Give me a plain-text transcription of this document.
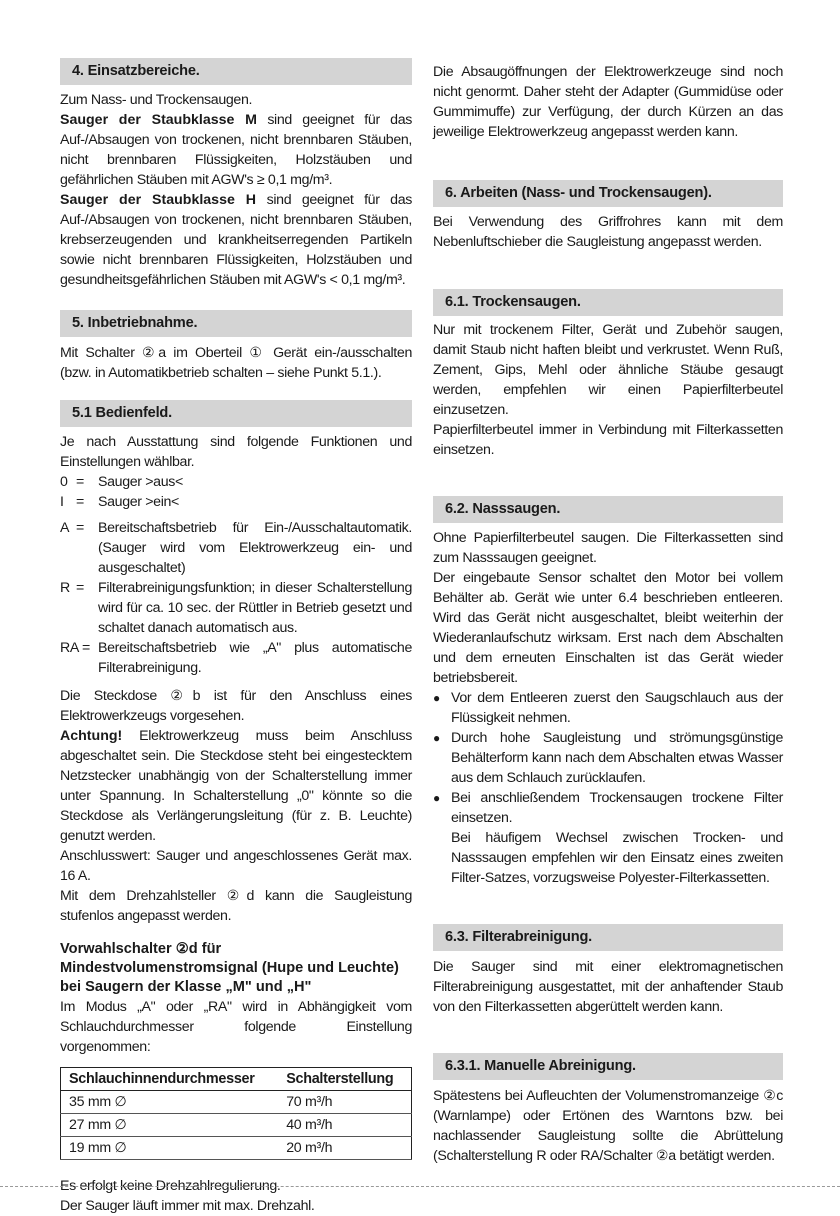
4. Einsatzbereiche.

Zum Nass- und Trockensaugen.

Sauger der Staubklasse M sind geeignet für das Auf-/Absaugen von trockenen, nicht brennbaren Stäuben, nicht brennbaren Flüssigkeiten, Holzstäuben und gefährlichen Stäuben mit AGW's ≥ 0,1 mg/m³.

Sauger der Staubklasse H sind geeignet für das Auf-/Absaugen von trockenen, nicht brennbaren Stäuben, krebserzeugenden und krankheitserregenden Partikeln sowie nicht brennbaren Flüssigkeiten, Holzstäuben und gesundheitsgefährlichen Stäuben mit AGW's < 0,1 mg/m³.

5. Inbetriebnahme.

Mit Schalter ②a im Oberteil ① Gerät ein-/ausschalten (bzw. in Automatikbetrieb schalten – siehe Punkt 5.1.).

5.1 Bedienfeld.

Je nach Ausstattung sind folgende Funktionen und Einstellungen wählbar.

0 = Sauger >aus<
I = Sauger >ein<
A = Bereitschaftsbetrieb für Ein-/Ausschaltautomatik. (Sauger wird vom Elektrowerkzeug ein- und ausgeschaltet)
R = Filterabreinigungsfunktion; in dieser Schalterstellung wird für ca. 10 sec. der Rüttler in Betrieb gesetzt und schaltet danach automatisch aus.
RA = Bereitschaftsbetrieb wie „A" plus automatische Filterabreinigung.

Die Steckdose ②b ist für den Anschluss eines Elektrowerkzeugs vorgesehen.

Achtung! Elektrowerkzeug muss beim Anschluss abgeschaltet sein. Die Steckdose steht bei eingestecktem Netzstecker unabhängig von der Schalterstellung immer unter Spannung. In Schalterstellung „0" könnte so die Steckdose als Verlängerungsleitung (für z. B. Leuchte) genutzt werden.

Anschlusswert: Sauger und angeschlossenes Gerät max. 16 A.

Mit dem Drehzahlsteller ②d kann die Saugleistung stufenlos angepasst werden.

Vorwahlschalter ②d für Mindestvolumenstromsignal (Hupe und Leuchte) bei Saugern der Klasse „M" und „H"

Im Modus „A" oder „RA" wird in Abhängigkeit vom Schlauchdurchmesser folgende Einstellung vorgenommen:

Schlauchinnendurchmesser	Schalterstellung
35 mm ∅	70 m³/h
27 mm ∅	40 m³/h
19 mm ∅	20 m³/h

Es erfolgt keine Drehzahlregulierung.

Der Sauger läuft immer mit max. Drehzahl.

Die Absaugöffnungen der Elektrowerkzeuge sind noch nicht genormt. Daher steht der Adapter (Gummidüse oder Gummimuffe) zur Verfügung, der durch Kürzen an das jeweilige Elektrowerkzeug angepasst werden kann.

6. Arbeiten (Nass- und Trockensaugen).

Bei Verwendung des Griffrohres kann mit dem Nebenluftschieber die Saugleistung angepasst werden.

6.1. Trockensaugen.

Nur mit trockenem Filter, Gerät und Zubehör saugen, damit Staub nicht haften bleibt und verkrustet. Wenn Ruß, Zement, Gips, Mehl oder ähnliche Stäube gesaugt werden, empfehlen wir einen Papierfilterbeutel einzusetzen.

Papierfilterbeutel immer in Verbindung mit Filterkassetten einsetzen.

6.2. Nasssaugen.

Ohne Papierfilterbeutel saugen. Die Filterkassetten sind zum Nasssaugen geeignet.

Der eingebaute Sensor schaltet den Motor bei vollem Behälter ab. Gerät wie unter 6.4 beschrieben entleeren. Wird das Gerät nicht ausgeschaltet, bleibt weiterhin der Wiederanlaufschutz wirksam. Erst nach dem Abschalten und dem erneuten Einschalten ist das Gerät wieder betriebsbereit.

● Vor dem Entleeren zuerst den Saugschlauch aus der Flüssigkeit nehmen.
● Durch hohe Saugleistung und strömungsgünstige Behälterform kann nach dem Abschalten etwas Wasser aus dem Schlauch zurücklaufen.
● Bei anschließendem Trockensaugen trockene Filter einsetzen.
Bei häufigem Wechsel zwischen Trocken- und Nasssaugen empfehlen wir den Einsatz eines zweiten Filter-Satzes, vorzugsweise Polyester-Filterkassetten.
6.3. Filterabreinigung.

Die Sauger sind mit einer elektromagnetischen Filterabreinigung ausgestattet, mit der anhaftender Staub von den Filterkassetten abgerüttelt werden kann.

6.3.1. Manuelle Abreinigung.

Spätestens bei Aufleuchten der Volumenstromanzeige ②c (Warnlampe) oder Ertönen des Warntons bzw. bei nachlassender Saugleistung sollte die Abrüttelung (Schalterstellung R oder RA/Schalter ②a betätigt werden.
